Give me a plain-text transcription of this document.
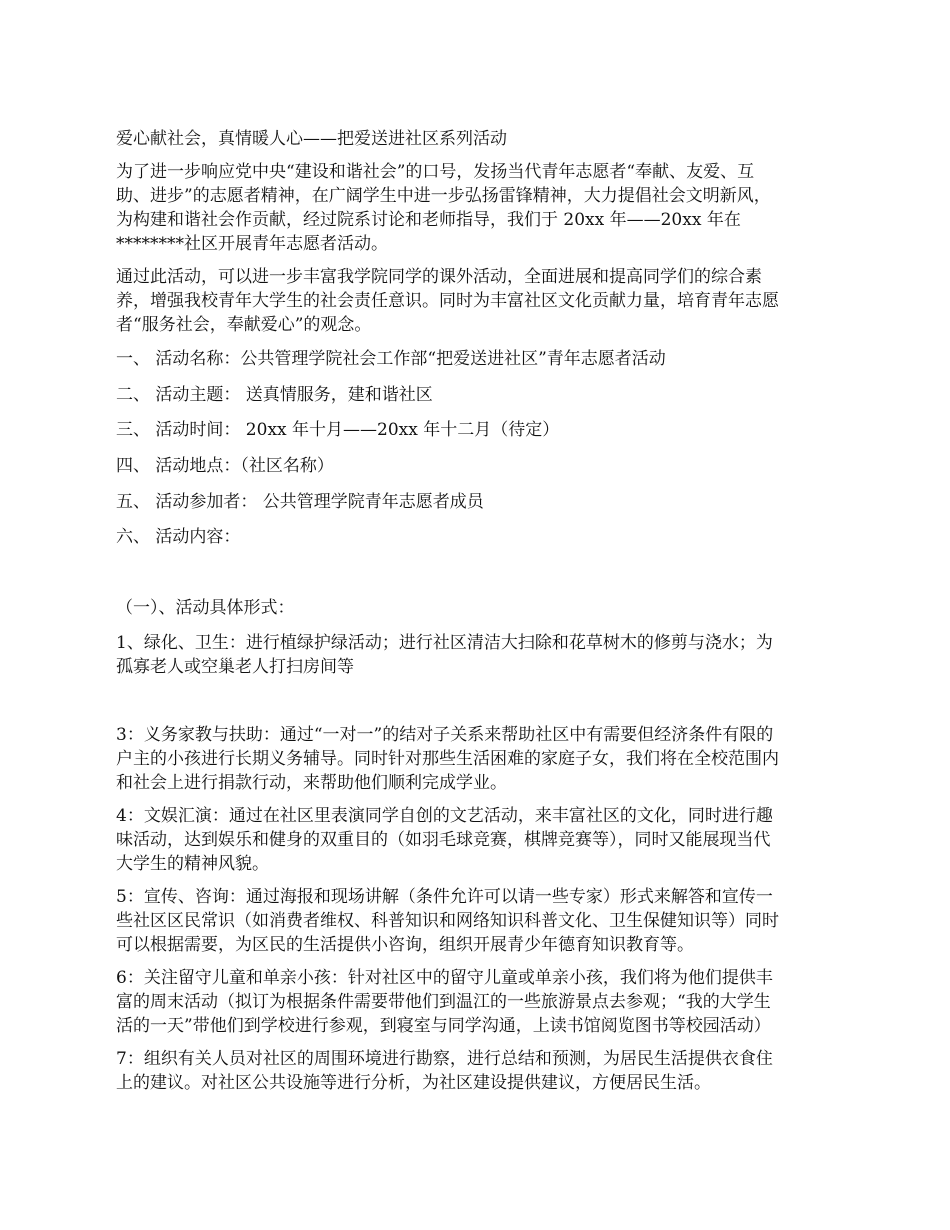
爱心献社会，真情暖人心——把爱送进社区系列活动
为了进一步响应党中央“建设和谐社会”的口号，发扬当代青年志愿者“奉献、友爱、互
助、进步”的志愿者精神，在广阔学生中进一步弘扬雷锋精神，大力提倡社会文明新风，
为构建和谐社会作贡献，经过院系讨论和老师指导，我们于 20xx 年——20xx 年在
********社区开展青年志愿者活动。
通过此活动，可以进一步丰富我学院同学的课外活动，全面进展和提高同学们的综合素
养，增强我校青年大学生的社会责任意识。同时为丰富社区文化贡献力量，培育青年志愿
者“服务社会，奉献爱心”的观念。
一、 活动名称：公共管理学院社会工作部“把爱送进社区”青年志愿者活动
二、 活动主题： 送真情服务，建和谐社区
三、 活动时间： 20xx 年十月——20xx 年十二月（待定）
四、 活动地点：（社区名称）
五、 活动参加者： 公共管理学院青年志愿者成员
六、 活动内容：
（一）、活动具体形式：
1、绿化、卫生：进行植绿护绿活动；进行社区清洁大扫除和花草树木的修剪与浇水；为
孤寡老人或空巢老人打扫房间等
3：义务家教与扶助：通过“一对一”的结对子关系来帮助社区中有需要但经济条件有限的
户主的小孩进行长期义务辅导。同时针对那些生活困难的家庭子女，我们将在全校范围内
和社会上进行捐款行动，来帮助他们顺利完成学业。
4：文娱汇演：通过在社区里表演同学自创的文艺活动，来丰富社区的文化，同时进行趣
味活动，达到娱乐和健身的双重目的（如羽毛球竞赛，棋牌竞赛等），同时又能展现当代
大学生的精神风貌。
5：宣传、咨询：通过海报和现场讲解（条件允许可以请一些专家）形式来解答和宣传一
些社区区民常识（如消费者维权、科普知识和网络知识科普文化、卫生保健知识等）同时
可以根据需要，为区民的生活提供小咨询，组织开展青少年德育知识教育等。
6：关注留守儿童和单亲小孩：针对社区中的留守儿童或单亲小孩，我们将为他们提供丰
富的周末活动（拟订为根据条件需要带他们到温江的一些旅游景点去参观；“我的大学生
活的一天”带他们到学校进行参观，到寝室与同学沟通，上读书馆阅览图书等校园活动）
7：组织有关人员对社区的周围环境进行勘察，进行总结和预测，为居民生活提供衣食住
上的建议。对社区公共设施等进行分析，为社区建设提供建议，方便居民生活。
